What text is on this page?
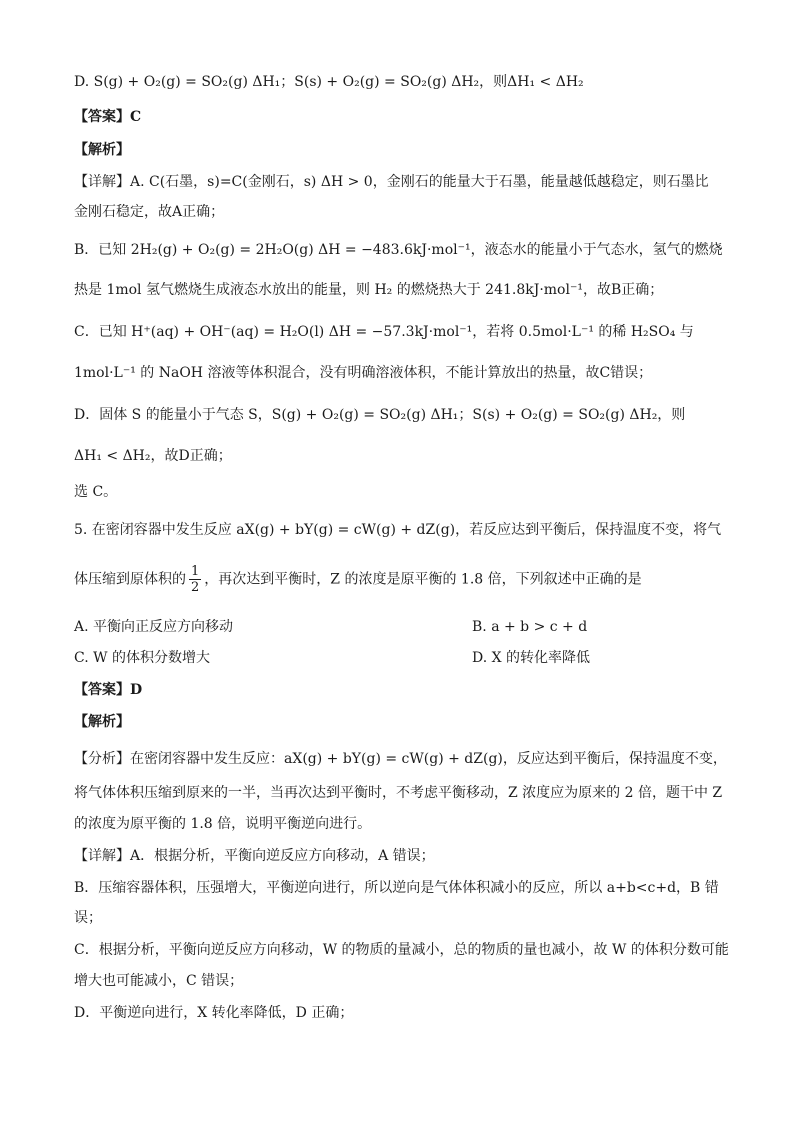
D. S(g) + O₂(g) = SO₂(g) ΔH₁；S(s) + O₂(g) = SO₂(g) ΔH₂，则ΔH₁ < ΔH₂
【答案】C
【解析】
【详解】A. C(石墨，s)=C(金刚石，s) ΔH > 0，金刚石的能量大于石墨，能量越低越稳定，则石墨比
金刚石稳定，故A正确；
B．已知 2H₂(g) + O₂(g) = 2H₂O(g) ΔH = −483.6kJ·mol⁻¹，液态水的能量小于气态水，氢气的燃烧
热是 1mol 氢气燃烧生成液态水放出的能量，则 H₂ 的燃烧热大于 241.8kJ·mol⁻¹，故B正确；
C．已知 H⁺(aq) + OH⁻(aq) = H₂O(l) ΔH = −57.3kJ·mol⁻¹，若将 0.5mol·L⁻¹ 的稀 H₂SO₄ 与
1mol·L⁻¹ 的 NaOH 溶液等体积混合，没有明确溶液体积，不能计算放出的热量，故C错误；
D．固体 S 的能量小于气态 S，S(g) + O₂(g) = SO₂(g) ΔH₁；S(s) + O₂(g) = SO₂(g) ΔH₂，则
ΔH₁ < ΔH₂，故D正确；
选 C。
5. 在密闭容器中发生反应 aX(g) + bY(g) = cW(g) + dZ(g)，若反应达到平衡后，保持温度不变，将气
体压缩到原体积的 $\frac{1}{2}$ ，再次达到平衡时，Z 的浓度是原平衡的 1.8 倍，下列叙述中正确的是
A. 平衡向正反应方向移动	B. a + b > c + d
C. W 的体积分数增大	D. X 的转化率降低
【答案】D
【解析】
【分析】在密闭容器中发生反应：aX(g) + bY(g) = cW(g) + dZ(g)，反应达到平衡后，保持温度不变，
将气体体积压缩到原来的一半，当再次达到平衡时，不考虑平衡移动，Z 浓度应为原来的 2 倍，题干中 Z
的浓度为原平衡的 1.8 倍，说明平衡逆向进行。
【详解】A．根据分析，平衡向逆反应方向移动，A 错误；
B．压缩容器体积，压强增大，平衡逆向进行，所以逆向是气体体积减小的反应，所以 a+b<c+d，B 错
误；
C．根据分析，平衡向逆反应方向移动，W 的物质的量减小，总的物质的量也减小，故 W 的体积分数可能
增大也可能减小，C 错误；
D．平衡逆向进行，X 转化率降低，D 正确；
